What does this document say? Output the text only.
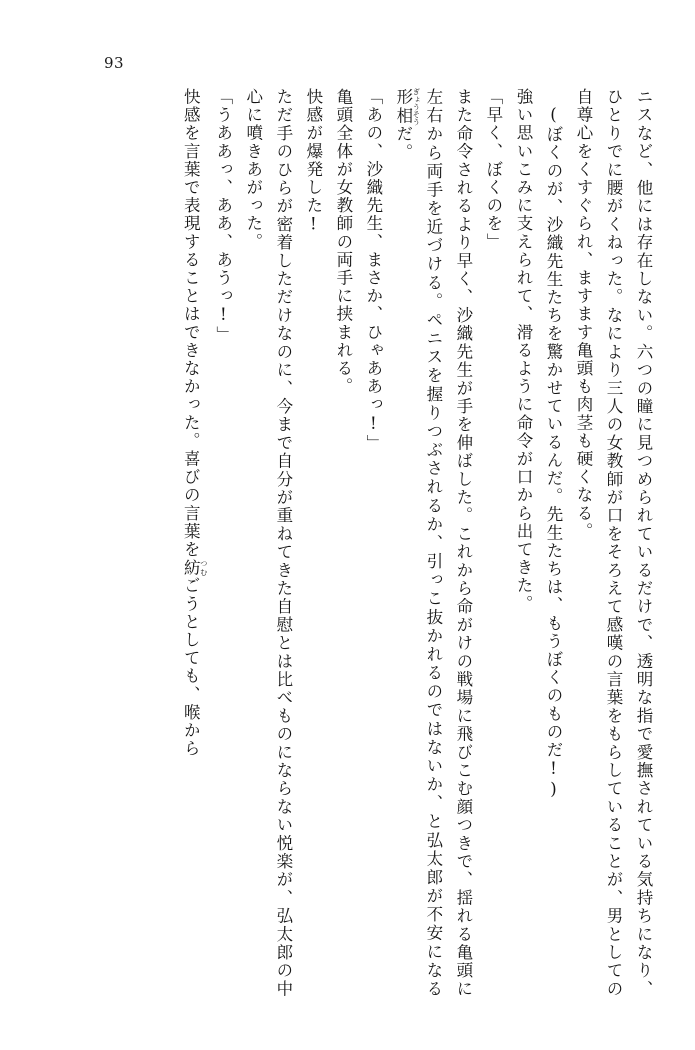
93

ニスなど、他には存在しない。六つの瞳に見つめられているだけで、透明な指で愛撫されている気持ちになり、ひとりでに腰がくねった。なにより三人の女教師が口をそろえて感嘆の言葉をもらしていることが、男としての自尊心をくすぐられ、ますます亀頭も肉茎も硬くなる。

(ぼくのが、沙織先生たちを驚かせているんだ。先生たちは、もうぼくのものだ!)

強い思いこみに支えられて、滑るように命令が口から出てきた。

「早く、ぼくのを」

また命令されるより早く、沙織先生が手を伸ばした。これから命がけの戦場に飛びこむ顔つきで、揺れる亀頭に左右から両手を近づける。ペニスを握りつぶされるか、引っこ抜かれるのではないか、と弘太郎が不安になる形相 ぎょうそうだ。

「あの、沙織先生、まさか、ひゃああっ!」

亀頭全体が女教師の両手に挟まれる。

快感が爆発した!

ただ手のひらが密着しただけなのに、今まで自分が重ねてきた自慰とは比べものにならない悦楽が、弘太郎の中心に噴きあがった。

「うああっ、ああ、あうっ!」

快感を言葉で表現することはできなかった。喜びの言葉を紡 つむごうとしても、喉から
